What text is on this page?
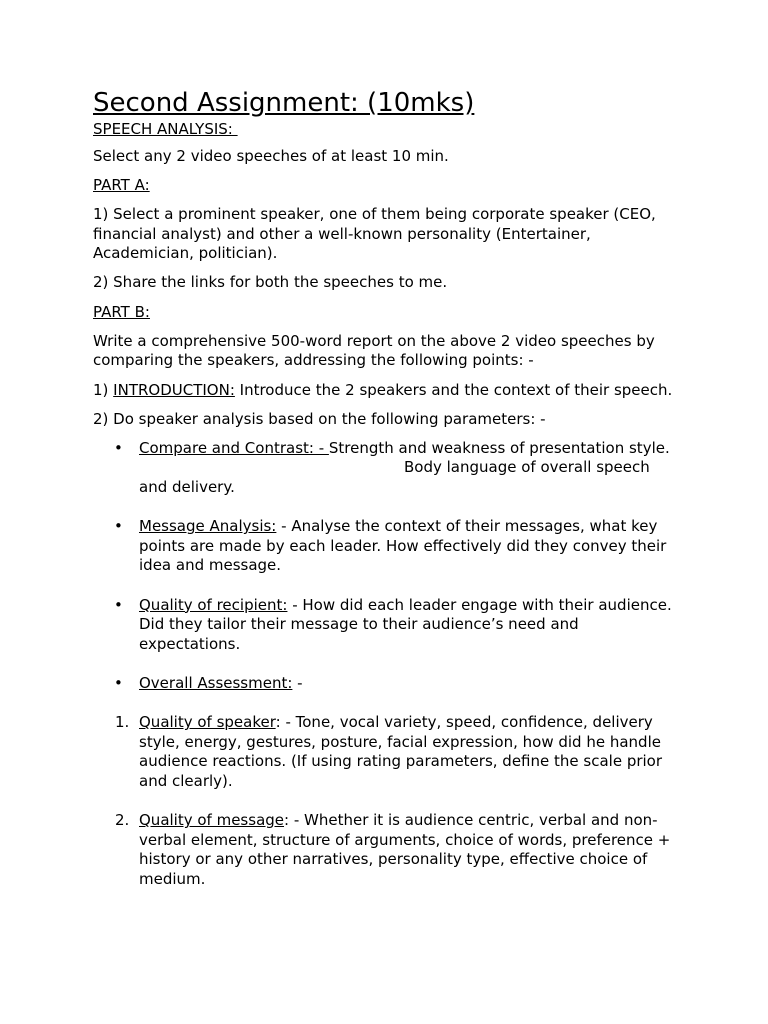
Second Assignment: (10mks)

SPEECH ANALYSIS:

Select any 2 video speeches of at least 10 min.

PART A:

1) Select a prominent speaker, one of them being corporate speaker (CEO, financial analyst) and other a well-known personality (Entertainer, Academician, politician).

2) Share the links for both the speeches to me.

PART B:

Write a comprehensive 500-word report on the above 2 video speeches by comparing the speakers, addressing the following points: -

1) INTRODUCTION: Introduce the 2 speakers and the context of their speech.

2) Do speaker analysis based on the following parameters: -

• Compare and Contrast: - Strength and weakness of presentation style.
Body language of overall speech
and delivery.
• Message Analysis: - Analyse the context of their messages, what key points are made by each leader. How effectively did they convey their idea and message.
• Quality of recipient: - How did each leader engage with their audience. Did they tailor their message to their audience’s need and expectations.
• Overall Assessment: -
1. Quality of speaker: - Tone, vocal variety, speed, confidence, delivery style, energy, gestures, posture, facial expression, how did he handle audience reactions. (If using rating parameters, define the scale prior and clearly).
2. Quality of message: - Whether it is audience centric, verbal and non-verbal element, structure of arguments, choice of words, preference + history or any other narratives, personality type, effective choice of medium.
